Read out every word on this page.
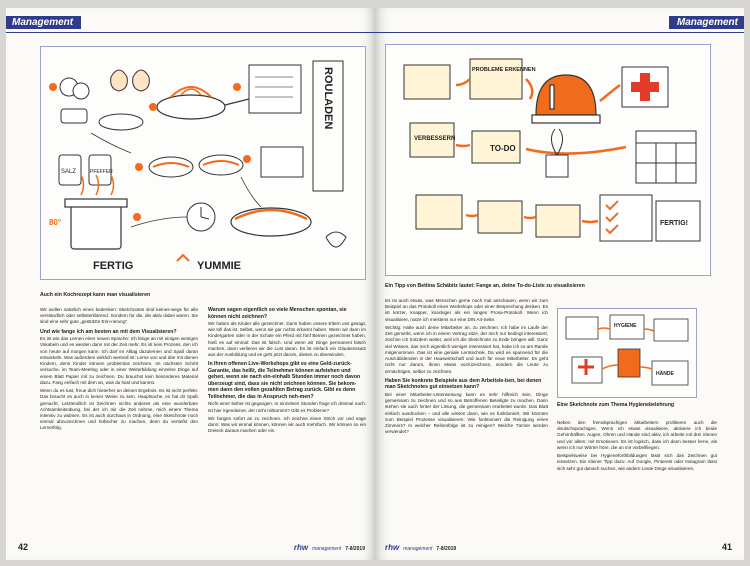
Management
ROULADEN
SALZ	PFEFFER
80°
FERTIG	YUMMIE
Auch ein Kochrezept kann man visualisieren

Wir wollen natürlich eines bedenken: Sketchnotes sind keines-wegs für alle verständlich oder selbsterklärend. Sondern für die, die aktiv dabei waren. Sie sind eine sehr gute „gestützte Erin-nerung“.

Und wie fange ich am besten an mit dem Visualisieren?

Es ist wie das Lernen einer neuen Sprache: Ich fange an mit einigen wenigen Vokabeln und es werden dann mit der Zeit mehr. Es ist kein Prozess, den ich von heute auf morgen kann. Ich darf im Alltag dazulernen und Spaß daran entwickeln. Was außerdem wirklich wertvoll ist: Lerne von und übe mit deinen Kindern, denn Kinder können problemlos zeichnen. Im nächsten Schritt versuche, im Team-Meeting oder in einer Weiterbildung einzelne Dinge auf einem Blatt Papier mit zu zeichnen. Du brauchst kein besonderes Material dazu. Fang einfach mit dem an, was du hast und kannst.

Wenn du es tust, freue dich hinterher an deinen Ergebnis. Es ist nicht perfekt. Das braucht es auch in keiner Weise zu sein. Hauptsache, es hat dir Spaß gemacht. Letztendlich ist Zeichnen nichts anderes als eine wunderbare Achtsamkeitsübung, bei der ich mir die Zeit nehme, mich einem Thema intensiv zu widmen. Es ist auch durchaus in Ordnung, eine Sketchnote noch einmal abzuzeichnen und hübscher zu machen, denn du vertiefst den Lernerfolg.

Warum sagen eigentlich so viele Menschen spontan, sie können nicht zeichnen?

Wir haben als Kinder alle gezeichnet. Dann haben unsere Eltern uns gesagt, wie toll das ist. Selbst, wenn sie gar nichts erkannt haben. Wenn wir dann im Kindergarten oder in der Schule ein Pferd mit fünf Beinen gezeichnet haben, hieß es auf einmal: Das ist falsch. Und wenn wir Dinge permanent falsch machen, dann verlieren wir die Lust daran. Es ist einfach ein Glaubenssatz aus der Ausbildung und es geht jetzt darum, diesen zu überwinden.

In Ihren offenen Live-Workshops gibt es eine Geld-zurück-Garantie, das heißt, die Teilnehmer können aufstehen und gehen, wenn sie nach ein-einhalb Stunden immer noch davon überzeugt sind, dass sie nicht zeichnen können. Sie bekom-men dann den vollen gezahlten Betrag zurück. Gibt es denn Teilnehmer, die das in Anspruch neh-men?

Nicht einer bisher ist gegangen. In einzelnen Stunden frage ich dreimal nach: Ist hier irgendeiner, der nicht mitkommt? Gibt es Probleme?

Wir fangen sofort an zu zeichnen. Ich zeichne einen Strich vor und sage dann: Was wir einmal können, können wir auch mehrfach. Wir können so ein Dreieck daraus machen oder ein

42	rhw management 7-8/2019
Management
PROBLEME ERKENNEN
VERBESSERN
TO-DO
FERTIG!
Ein Tipp von Bettina Schäbitz lautet: Fange an, deine To-do-Liste zu visualisieren

Es ist auch etwas, was Menschen gerne noch mal anschauen, wenn wir zum Beispiel an das Protokoll eines Workshops oder einer Besprechung denken. Es ist kürzer, knapper, knackiger als ein langes Prosa-Protokoll. Wenn ich visualisiere, nutze ich meistens nur eine DIN A4-Seite.

Wichtig: Halte auch deine Mitarbeiter an, zu zeichnen. Ich habe im Laufe der Zeit gemerkt, wenn ich in einem Vortrag sitze, der mich nur bedingt interessiert, zeichne ich trotzdem weiter, weil ich die Sketchnote zu Ende bringen will. Ganz viel Wissen, das mich eigentlich weniger interessiert hat, habe ich so am Rande mitgenommen. Das ist eine geniale Lerntechnik. Da wird es spannend für die Auszubildenden in der Hauswirtschaft und auch für neue Mitarbeiter. Es geht nicht nur darum, ihnen etwas vorzuzeichnen, sondern die Leute zu ermächtigen, selber zu zeichnen.

Haben Sie konkrete Beispiele aus dem Arbeitsle-ben, bei denen man Sketchnotes gut einsetzen kann?

Bei einer Mitarbeiter-Unterweisung kann es sehr hilfreich sein, Dinge gemeinsam zu zeichnen und so aus Betroffenen Beteiligte zu machen. Dann stehen sie auch hinter der Lösung, die gemeinsam erarbeitet wurde. Das Blatt einfach ausdrucken – und alle wissen dann, wie es funktioniert. Wir könnten zum Beispiel Prozesse visualisieren: Wie funktioniert die Reinigung eines Zimmers? In welcher Reihenfolge ist zu reinigen? Welche Tücher werden verwendet?

HYGIENE
HÄNDE
Eine Sketchnote zum Thema Hygienebelehrung

Neben den fremdsprachigen Mitarbeitern profitieren auch die deutschsprachigen. Wenn ich etwas visualisiere, aktiviere ich beide Gehirnhälften. Augen, Ohren und Hände sind aktiv, ich arbeite mit drei Sinnen und vor allem: mit Emotionen. Es ist logisch, dass ich dann besser lerne, als wenn ich nur Wörter höre, die an mir vorbeifliegen.

Beispielsweise bei Hygieneforthbildungen lässt sich das Zeichnen gut einsetzen. Ein kleiner Tipp dazu: Auf Google, Pinterest oder Instagram lässt sich sehr gut danach suchen, wie andere Leute Dinge visualisieren.

rhw management 7-8/2019	41
